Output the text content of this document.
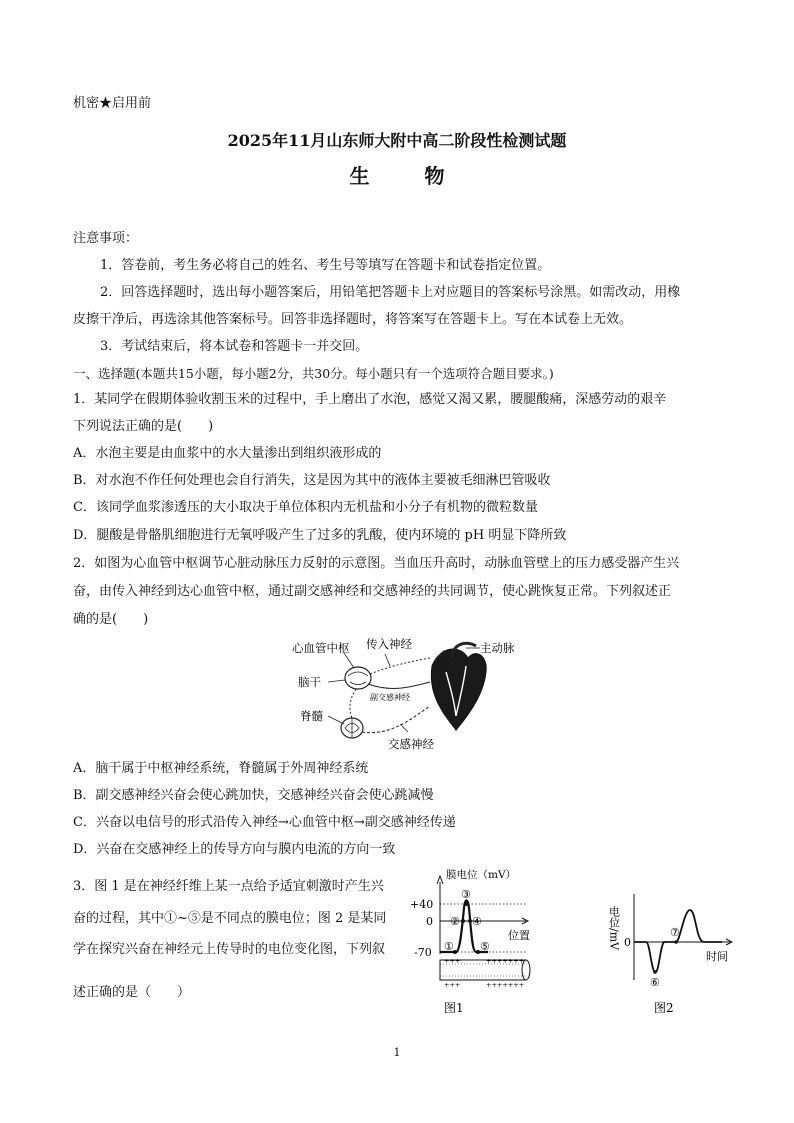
机密★启用前
2025年11月山东师大附中高二阶段性检测试题
生 物
注意事项：
1．答卷前，考生务必将自己的姓名、考生号等填写在答题卡和试卷指定位置。
2．回答选择题时，选出每小题答案后，用铅笔把答题卡上对应题目的答案标号涂黑。如需改动，用橡
皮擦干净后，再选涂其他答案标号。回答非选择题时，将答案写在答题卡上。写在本试卷上无效。
3．考试结束后，将本试卷和答题卡一并交回。
一、选择题(本题共15小题，每小题2分，共30分。每小题只有一个选项符合题目要求。)
1．某同学在假期体验收割玉米的过程中，手上磨出了水泡，感觉又渴又累，腰腿酸痛，深感劳动的艰辛
下列说法正确的是(　　)
A．水泡主要是由血浆中的水大量渗出到组织液形成的
B．对水泡不作任何处理也会自行消失，这是因为其中的液体主要被毛细淋巴管吸收
C．该同学血浆渗透压的大小取决于单位体积内无机盐和小分子有机物的微粒数量
D．腿酸是骨骼肌细胞进行无氧呼吸产生了过多的乳酸，使内环境的 pH 明显下降所致
2．如图为心血管中枢调节心脏动脉压力反射的示意图。当血压升高时，动脉血管壁上的压力感受器产生兴
奋，由传入神经到达心血管中枢，通过副交感神经和交感神经的共同调节，使心跳恢复正常。下列叙述正
确的是(　　)
心血管中枢 传入神经	主动脉
脑干
副交感神经
脊髓
交感神经
A．脑干属于中枢神经系统，脊髓属于外周神经系统
B．副交感神经兴奋会使心跳加快，交感神经兴奋会使心跳减慢
C．兴奋以电信号的形式沿传入神经→心血管中枢→副交感神经传递
D．兴奋在交感神经上的传导方向与膜内电流的方向一致
3．图 1 是在神经纤维上某一点给予适宜刺激时产生兴
奋的过程，其中①~⑤是不同点的膜电位；图 2 是某同
学在探究兴奋在神经元上传导时的电位变化图，下列叙
述正确的是（　　）
膜电位（mV）
+40
0
-70
位置
①
②
③
④
⑤
+++	+++++++
+++	+++++++
图1
电位/mV 0
时间
⑥
⑦
图2
1
